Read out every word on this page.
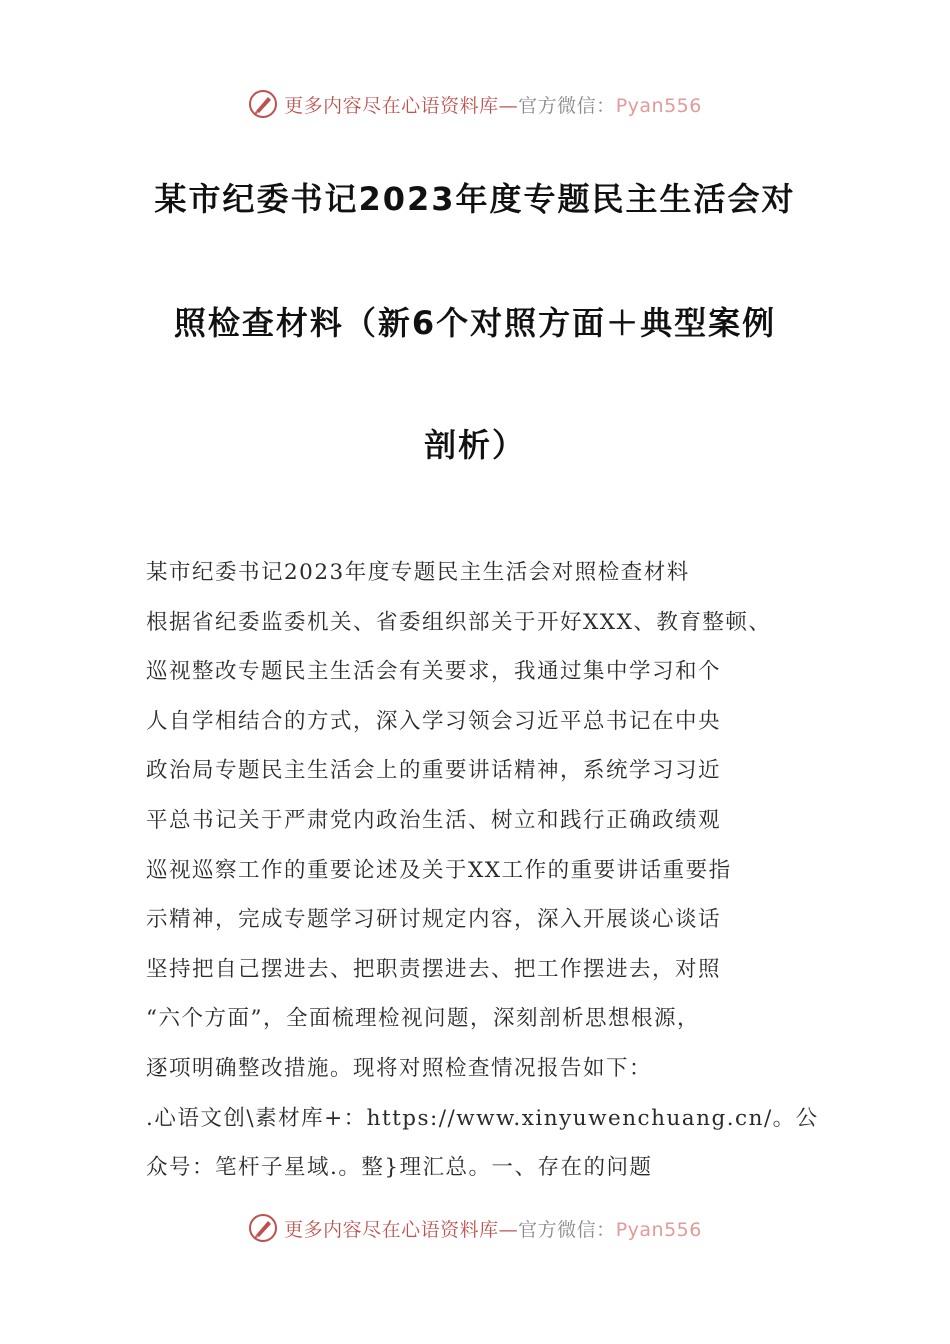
更多内容尽在心语资料库—官方微信：Pyan556
某市纪委书记2023年度专题民主生活会对
照检查材料（新6个对照方面＋典型案例
剖析）

某市纪委书记2023年度专题民主生活会对照检查材料

根据省纪委监委机关、省委组织部关于开好XXX、教育整顿、

巡视整改专题民主生活会有关要求，我通过集中学习和个

人自学相结合的方式，深入学习领会习近平总书记在中央

政治局专题民主生活会上的重要讲话精神，系统学习习近

平总书记关于严肃党内政治生活、树立和践行正确政绩观

巡视巡察工作的重要论述及关于XX工作的重要讲话重要指

示精神，完成专题学习研讨规定内容，深入开展谈心谈话

坚持把自己摆进去、把职责摆进去、把工作摆进去，对照

“六个方面”，全面梳理检视问题，深刻剖析思想根源，

逐项明确整改措施。现将对照检查情况报告如下：

.心语文创\素材库+：https://www.xinyuwenchuang.cn/。公

众号：笔杆子星域.。整}理汇总。一、存在的问题

更多内容尽在心语资料库—官方微信：Pyan556
